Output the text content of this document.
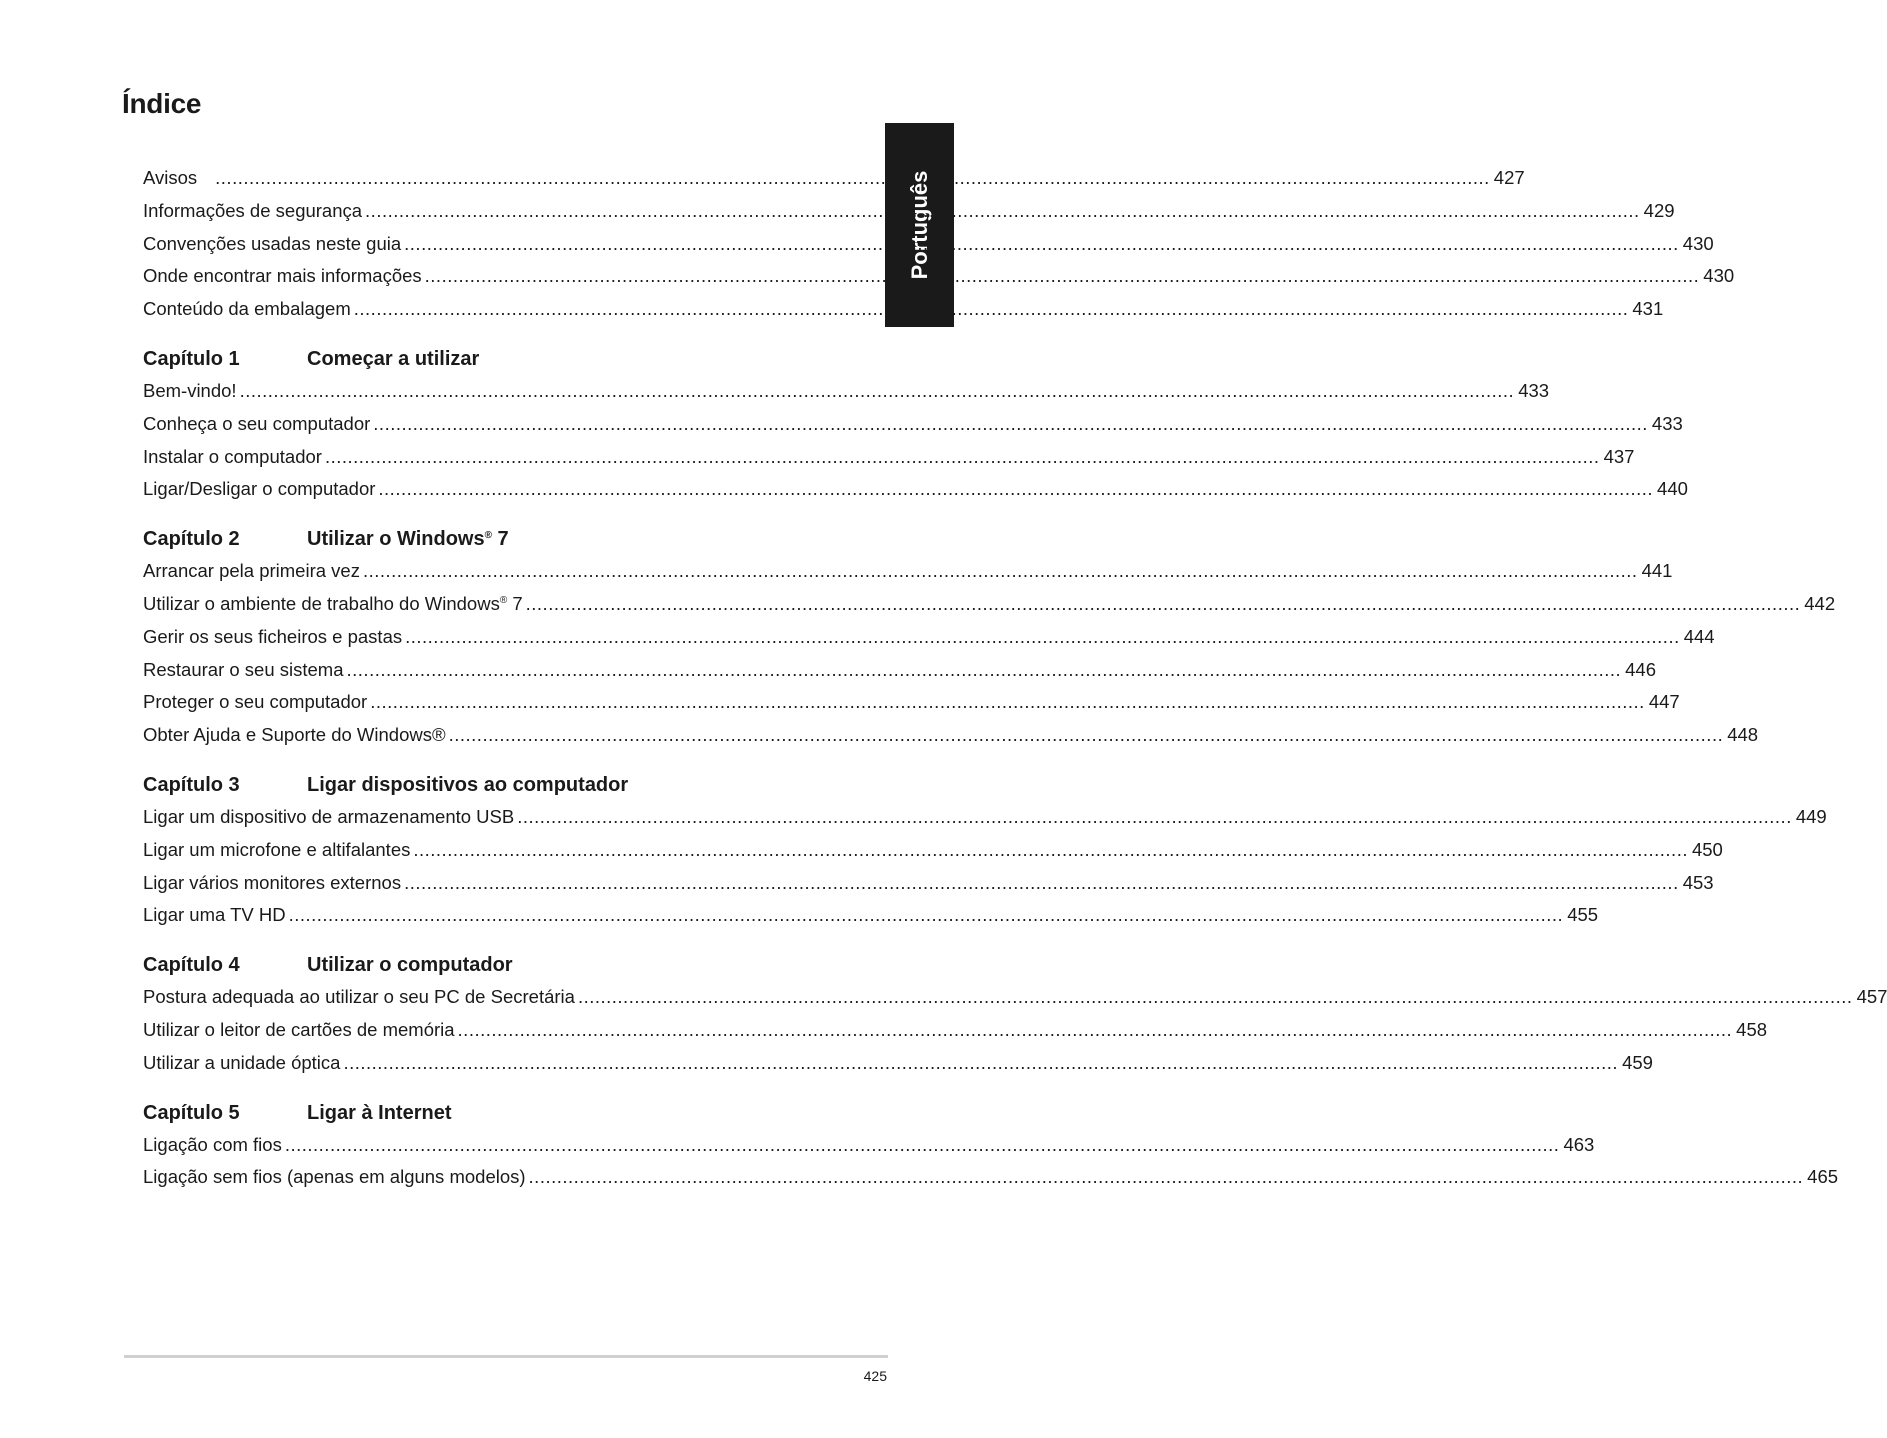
Índice
Português
Avisos .................................................................................................................................................................................................................................. 427
Informações de segurança .................................................................................................................................................................................................................................. 429
Convenções usadas neste guia .................................................................................................................................................................................................................................. 430
Onde encontrar mais informações .................................................................................................................................................................................................................................. 430
Conteúdo da embalagem .................................................................................................................................................................................................................................. 431
Capítulo 1	Começar a utilizar
Bem-vindo! .................................................................................................................................................................................................................................. 433
Conheça o seu computador .................................................................................................................................................................................................................................. 433
Instalar o computador .................................................................................................................................................................................................................................. 437
Ligar/Desligar o computador .................................................................................................................................................................................................................................. 440
Capítulo 2	Utilizar o Windows® 7
Arrancar pela primeira vez .................................................................................................................................................................................................................................. 441
Utilizar o ambiente de trabalho do Windows® 7 .................................................................................................................................................................................................................................. 442
Gerir os seus ficheiros e pastas .................................................................................................................................................................................................................................. 444
Restaurar o seu sistema .................................................................................................................................................................................................................................. 446
Proteger o seu computador .................................................................................................................................................................................................................................. 447
Obter Ajuda e Suporte do Windows® .................................................................................................................................................................................................................................. 448
Capítulo 3	Ligar dispositivos ao computador
Ligar um dispositivo de armazenamento USB .................................................................................................................................................................................................................................. 449
Ligar um microfone e altifalantes .................................................................................................................................................................................................................................. 450
Ligar vários monitores externos .................................................................................................................................................................................................................................. 453
Ligar uma TV HD .................................................................................................................................................................................................................................. 455
Capítulo 4	Utilizar o computador
Postura adequada ao utilizar o seu PC de Secretária .................................................................................................................................................................................................................................. 457
Utilizar o leitor de cartões de memória .................................................................................................................................................................................................................................. 458
Utilizar a unidade óptica .................................................................................................................................................................................................................................. 459
Capítulo 5	Ligar à Internet
Ligação com fios .................................................................................................................................................................................................................................. 463
Ligação sem fios (apenas em alguns modelos) .................................................................................................................................................................................................................................. 465
425
